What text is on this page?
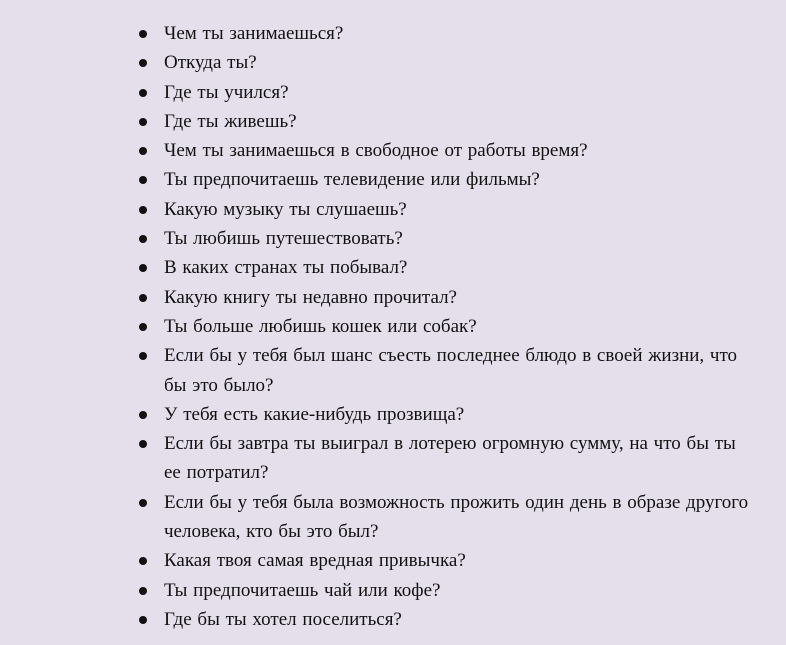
Чем ты занимаешься?
Откуда ты?
Где ты учился?
Где ты живешь?
Чем ты занимаешься в свободное от работы время?
Ты предпочитаешь телевидение или фильмы?
Какую музыку ты слушаешь?
Ты любишь путешествовать?
В каких странах ты побывал?
Какую книгу ты недавно прочитал?
Ты больше любишь кошек или собак?
Если бы у тебя был шанс съесть последнее блюдо в своей жизни, что бы это было?
У тебя есть какие-нибудь прозвища?
Если бы завтра ты выиграл в лотерею огромную сумму, на что бы ты ее потратил?
Если бы у тебя была возможность прожить один день в образе другого человека, кто бы это был?
Какая твоя самая вредная привычка?
Ты предпочитаешь чай или кофе?
Где бы ты хотел поселиться?
